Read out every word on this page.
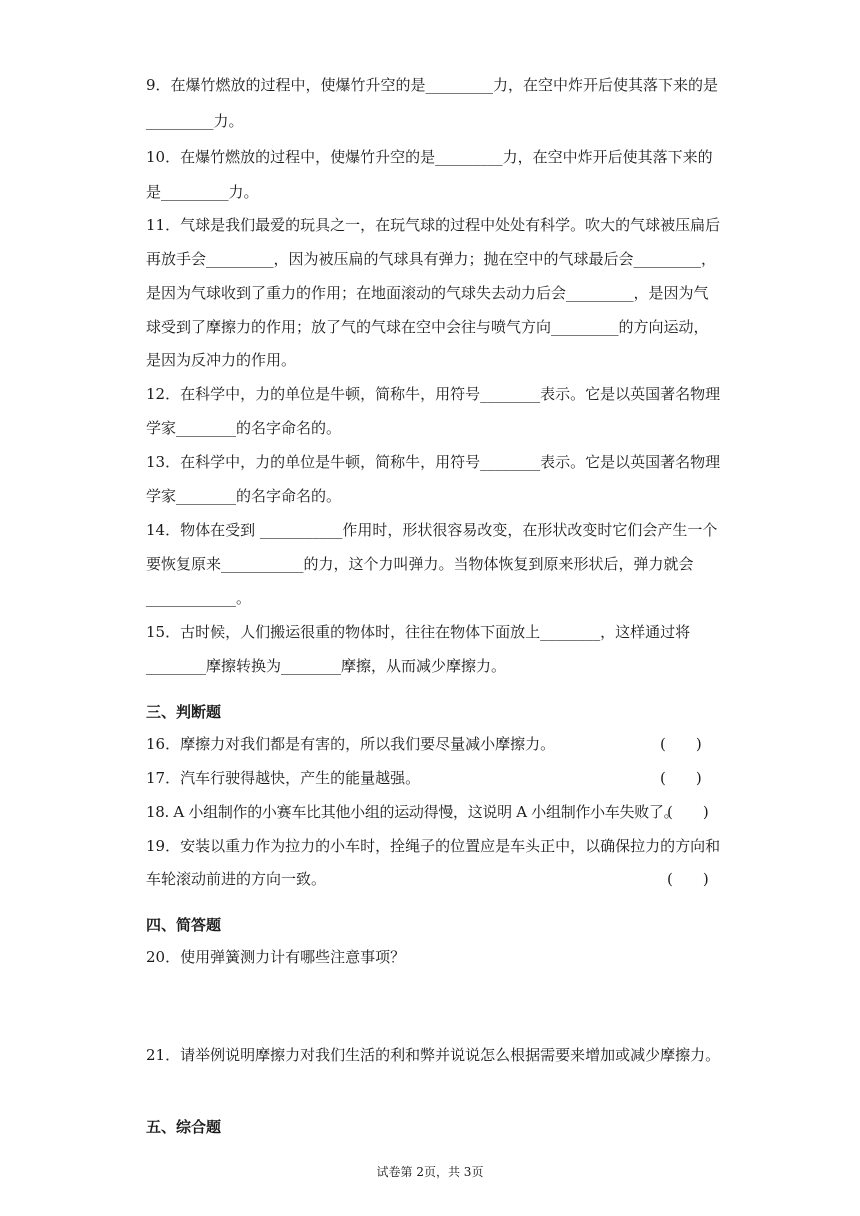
9．在爆竹燃放的过程中，使爆竹升空的是_________力，在空中炸开后使其落下来的是
_________力。
10．在爆竹燃放的过程中，使爆竹升空的是_________力，在空中炸开后使其落下来的
是_________力。
11．气球是我们最爱的玩具之一，在玩气球的过程中处处有科学。吹大的气球被压扁后
再放手会_________，因为被压扁的气球具有弹力；抛在空中的气球最后会_________，
是因为气球收到了重力的作用；在地面滚动的气球失去动力后会_________，是因为气
球受到了摩擦力的作用；放了气的气球在空中会往与喷气方向_________的方向运动，
是因为反冲力的作用。
12．在科学中，力的单位是牛顿，简称牛，用符号________表示。它是以英国著名物理
学家________的名字命名的。
13．在科学中，力的单位是牛顿，简称牛，用符号________表示。它是以英国著名物理
学家________的名字命名的。
14．物体在受到 ___________作用时，形状很容易改变，在形状改变时它们会产生一个
要恢复原来___________的力，这个力叫弹力。当物体恢复到原来形状后，弹力就会
____________。
15．古时候，人们搬运很重的物体时，往往在物体下面放上________，这样通过将
________摩擦转换为________摩擦，从而减少摩擦力。
三、判断题
16．摩擦力对我们都是有害的，所以我们要尽量减小摩擦力。	(　　)
17．汽车行驶得越快，产生的能量越强。	(　　)
18. A 小组制作的小赛车比其他小组的运动得慢，这说明 A 小组制作小车失败了。
(　　)
19．安装以重力作为拉力的小车时，拴绳子的位置应是车头正中，以确保拉力的方向和
车轮滚动前进的方向一致。	(　　)
四、简答题
20．使用弹簧测力计有哪些注意事项？
21．请举例说明摩擦力对我们生活的利和弊并说说怎么根据需要来增加或减少摩擦力。
五、综合题
试卷第 2页，共 3页
